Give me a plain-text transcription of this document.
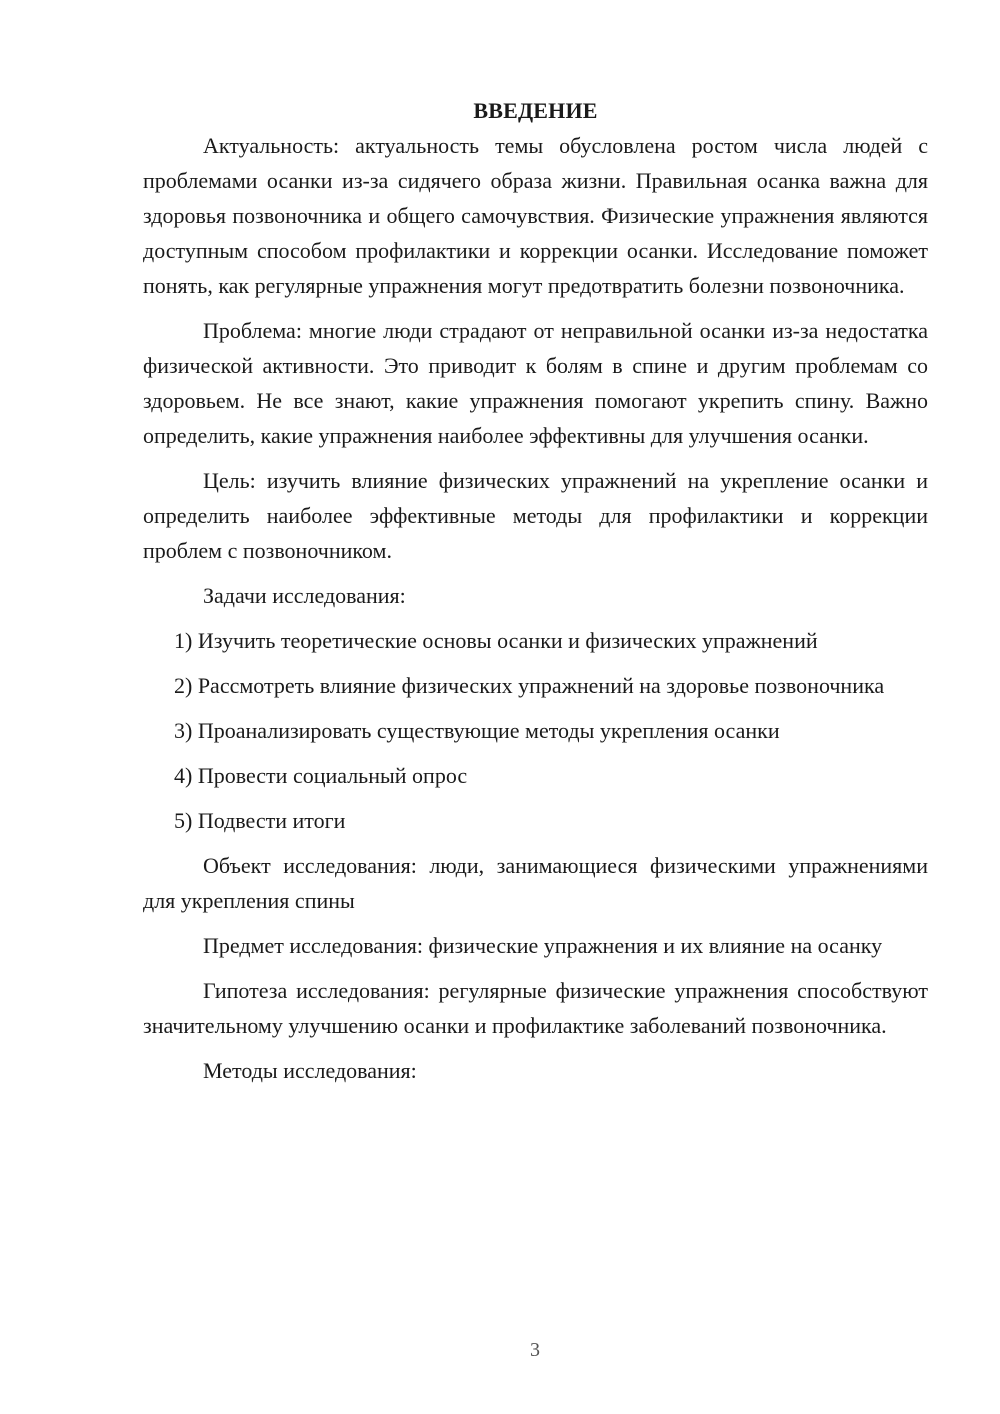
ВВЕДЕНИЕ

Актуальность: актуальность темы обусловлена ростом числа людей с проблемами осанки из-за сидячего образа жизни. Правильная осанка важна для здоровья позвоночника и общего самочувствия. Физические упражнения являются доступным способом профилактики и коррекции осанки. Исследование поможет понять, как регулярные упражнения могут предотвратить болезни позвоночника.

Проблема: многие люди страдают от неправильной осанки из-за недостатка физической активности. Это приводит к болям в спине и другим проблемам со здоровьем. Не все знают, какие упражнения помогают укрепить спину. Важно определить, какие упражнения наиболее эффективны для улучшения осанки.

Цель: изучить влияние физических упражнений на укрепление осанки и определить наиболее эффективные методы для профилактики и коррекции проблем с позвоночником.

Задачи исследования:

1) Изучить теоретические основы осанки и физических упражнений

2) Рассмотреть влияние физических упражнений на здоровье позвоночника

3) Проанализировать существующие методы укрепления осанки

4) Провести социальный опрос

5) Подвести итоги

Объект исследования: люди, занимающиеся физическими упражнениями для укрепления спины

Предмет исследования: физические упражнения и их влияние на осанку

Гипотеза исследования: регулярные физические упражнения способствуют значительному улучшению осанки и профилактике заболеваний позвоночника.

Методы исследования:

3
